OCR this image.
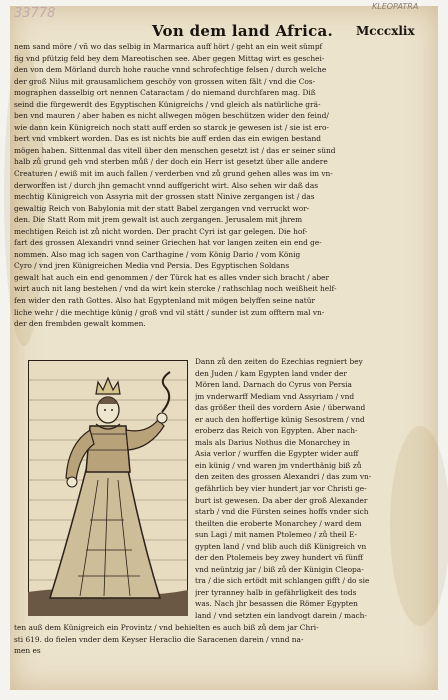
33778	KLEOPATRA
Von dem land Africa. Mcccxlix
nem sand möre / vñ wo das selbig in Marmarica auff hört / geht an ein weit sümpf
fig vnd pfützig feld bey dem Mareotischen see. Aber gegen Mittag wirt es geschei-
den von dem Mörland durch hohe rauche vnnd schrofechtige felsen / durch welche
der groß Nilus mit grausamlichem geschöy von grossen witen fält / vnd die Cos-
mographen dasselbig ort nennen Cataractam / do niemand durchfaren mag. Diß
seind die fürgewerdt des Egyptischen Künigreichs / vnd gleich als natürliche grä-
ben vnd mauren / aber haben es nicht allwegen mögen beschützen wider den feind/
wie dann kein Künigreich noch statt auff erden so starck je gewesen ist / sie ist ero-
bert vnd vmbkert worden. Das es ist nichts bie auff erden das ein ewigen bestand
mögen haben. Sittenmal das vitell über den menschen gesetzt ist / das er seiner sünd
halb zů grund geh vnd sterben můß / der doch ein Herr ist gesetzt über alle andere
Creaturen / ewiß mit im auch fallen / verderben vnd zů grund gehen alles was im vn-
derworffen ist / durch jhn gemacht vnnd auffgericht wirt. Also sehen wir daß das
mechtig Künigreich von Assyria mit der grossen statt Ninive zergangen ist / das
gewaltig Reich von Babylonia mit der statt Babel zergangen vnd verruckt wor-
den. Die Statt Rom mit jrem gewalt ist auch zergangen. Jerusalem mit jhrem
mechtigen Reich ist zů nicht worden. Der pracht Cyri ist gar gelegen. Die hof-
fart des grossen Alexandri vnnd seiner Griechen hat vor langen zeiten ein end ge-
nommen. Also mag ich sagen von Carthagine / vom König Dario / vom König
Cyro / vnd jren Künigreichen Media vnd Persia. Des Egyptischen Soldans
gewalt hat auch ein end genommen / der Türck hat es alles vnder sich bracht / aber
wirt auch nit lang bestehen / vnd da wirt kein stercke / rathschlag noch weißheit helf-
fen wider den rath Gottes. Also hat Egyptenland mit mögen belyffen seine natür
liche wehr / die mechtige künig / groß vnd vil stätt / sunder ist zum offtern mal vn-
der den frembden gewalt kommen.
Dann zů den zeiten do Ezechias regniert bey
den Juden / kam Egypten land vnder der
Mören land. Darnach do Cyrus von Persia
jm vnderwarff Mediam vnd Assyriam / vnd
das größer theil des vordern Asie / überwand
er auch den hoffertige künig Sesostrem / vnd
eroberz das Reich von Egypten. Aber nach-
mals als Darius Nothus die Monarchey in
Asia verlor / wurffen die Egypter wider auff
ein künig / vnd waren jm vnderthänig biß zů
den zeiten des grossen Alexandri / das zum vn-
gefährlich bey vier hundert jar vor Christi ge-
burt ist gewesen. Da aber der groß Alexander
starb / vnd die Fürsten seines hoffs vnder sich
theilten die eroberte Monarchey / ward dem
sun Lagi / mit namen Ptolemeo / zů theil E-
gypten land / vnd blib auch diß Künigreich vn
der den Ptolemeis bey zwey hundert vñ fünff
vnd neüntzig jar / biß zů der Künigin Cleopa-
tra / die sich ertödt mit schlangen gifft / do sie
jrer tyranney halb in gefährligkeit des tods
was. Nach jhr besassen die Römer Egypten
land / vnd setzten ein landvogt darein / mach-
ten auß dem Künigreich ein Provintz / vnd behielten es auch biß zů dem jar Chri-
sti 619. do fielen vnder dem Keyser Heraclio die Saracenen darein / vnnd na-
men es
